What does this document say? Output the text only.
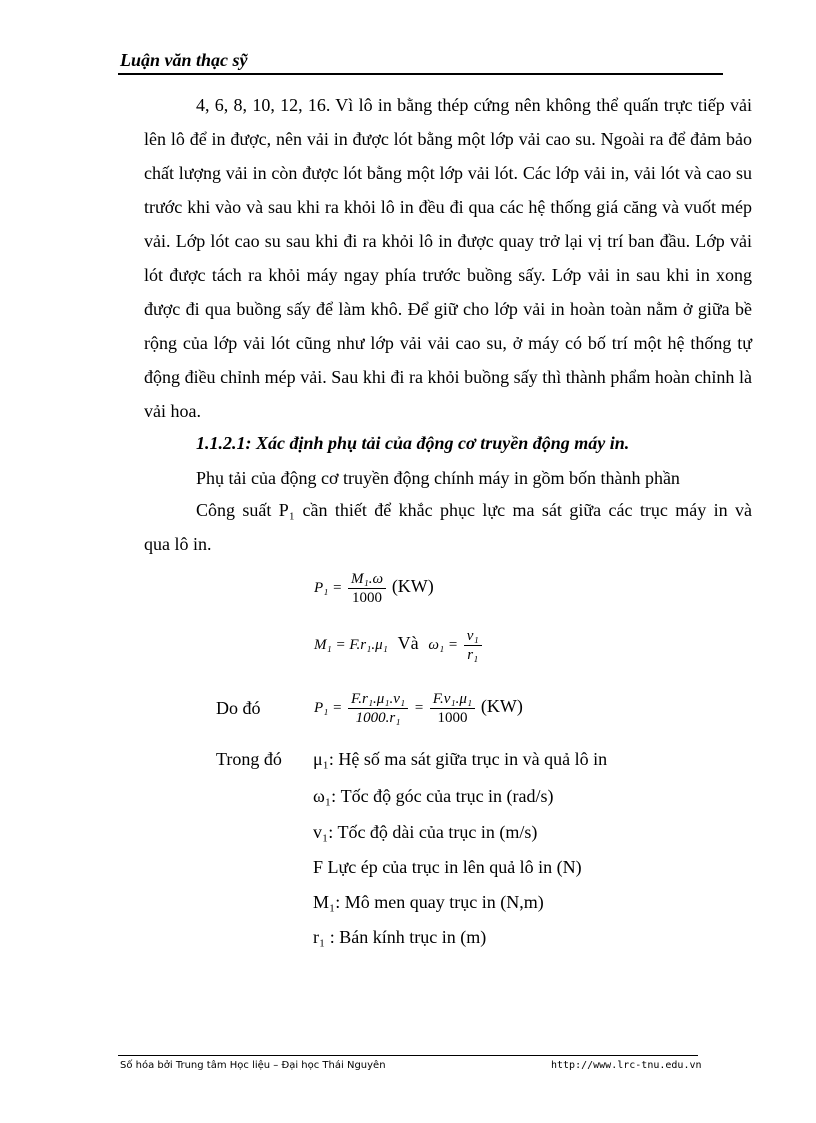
Luận văn thạc sỹ

4, 6, 8, 10, 12, 16. Vì lô in bằng thép cứng nên không thể quấn trực tiếp vải lên lô để in được, nên vải in được lót bằng một lớp vải cao su. Ngoài ra để đảm bảo chất lượng vải in còn được lót bằng một lớp vải lót. Các lớp vải in, vải lót và cao su trước khi vào và sau khi ra khỏi lô in đều đi qua các hệ thống giá căng và vuốt mép vải. Lớp lót cao su sau khi đi ra khỏi lô in được quay trở lại vị trí ban đầu. Lớp vải lót được tách ra khỏi máy ngay phía trước buồng sấy. Lớp vải in sau khi in xong được đi qua buồng sấy để làm khô. Để giữ cho lớp vải in hoàn toàn nằm ở giữa bề rộng của lớp vải lót cũng như lớp vải vải cao su, ở máy có bố trí một hệ thống tự động điều chỉnh mép vải. Sau khi đi ra khỏi buồng sấy thì thành phẩm hoàn chỉnh là vải hoa.

1.1.2.1: Xác định phụ tải của động cơ truyền động máy in.

Phụ tải của động cơ truyền động chính máy in gồm bốn thành phần

Công suất P₁ cần thiết để khắc phục lực ma sát giữa các trục máy in và

qua lô in.

$P_1 = \frac{\text{M₁.ω}}{1000} (KW)$
M₁ = F.r₁.μ₁ Và $\omega_1 = \frac{\text{v₁}}{\text{r₁}}$
Do đó	$P_1 = \frac{\text{F.r₁.μ₁.v₁}}{\text{1000.r₁}} = \frac{\text{F.v₁.μ₁}}{1000} (KW)$
Trong đó μ₁: Hệ số ma sát giữa trục in và quả lô in
ω₁: Tốc độ góc của trục in (rad/s)
v₁: Tốc độ dài của trục in (m/s)
F Lực ép của trục in lên quả lô in (N)
M₁: Mô men quay trục in (N,m)
r₁ : Bán kính trục in (m)
Số hóa bởi Trung tâm Học liệu – Đại học Thái Nguyên	http://www.lrc-tnu.edu.vn
